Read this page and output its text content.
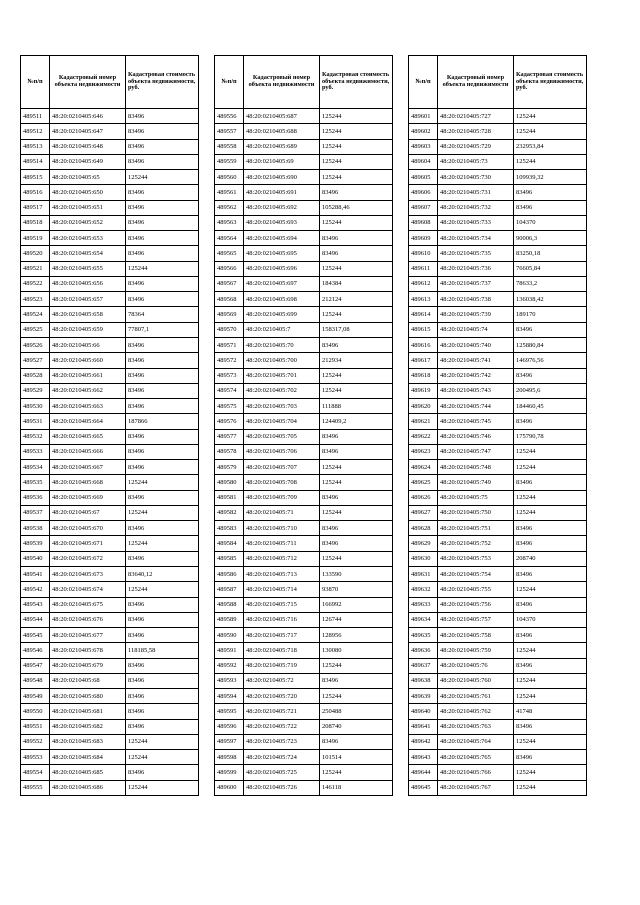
№п/п	Кадастровый номер объекта недвижимости	Кадастровая стоимость объекта недвижимости, руб.
489511	48:20:0210405:646	83496
489512	48:20:0210405:647	83496
489513	48:20:0210405:648	83496
489514	48:20:0210405:649	83496
489515	48:20:0210405:65	125244
489516	48:20:0210405:650	83496
489517	48:20:0210405:651	83496
489518	48:20:0210405:652	83496
489519	48:20:0210405:653	83496
489520	48:20:0210405:654	83496
489521	48:20:0210405:655	125244
489522	48:20:0210405:656	83496
489523	48:20:0210405:657	83496
489524	48:20:0210405:658	78364
489525	48:20:0210405:659	77807,1
489526	48:20:0210405:66	83496
489527	48:20:0210405:660	83496
489528	48:20:0210405:661	83496
489529	48:20:0210405:662	83496
489530	48:20:0210405:663	83496
489531	48:20:0210405:664	187866
489532	48:20:0210405:665	83496
489533	48:20:0210405:666	83496
489534	48:20:0210405:667	83496
489535	48:20:0210405:668	125244
489536	48:20:0210405:669	83496
489537	48:20:0210405:67	125244
489538	48:20:0210405:670	83496
489539	48:20:0210405:671	125244
489540	48:20:0210405:672	83496
489541	48:20:0210405:673	83640,12
489542	48:20:0210405:674	125244
489543	48:20:0210405:675	83496
489544	48:20:0210405:676	83496
489545	48:20:0210405:677	83496
489546	48:20:0210405:678	118185,58
489547	48:20:0210405:679	83496
489548	48:20:0210405:68	83496
489549	48:20:0210405:680	83496
489550	48:20:0210405:681	83496
489551	48:20:0210405:682	83496
489552	48:20:0210405:683	125244
489553	48:20:0210405:684	125244
489554	48:20:0210405:685	83496
489555	48:20:0210405:686	125244
№п/п	Кадастровый номер объекта недвижимости	Кадастровая стоимость объекта недвижимости, руб.
489556	48:20:0210405:687	125244
489557	48:20:0210405:688	125244
489558	48:20:0210405:689	125244
489559	48:20:0210405:69	125244
489560	48:20:0210405:690	125244
489561	48:20:0210405:691	83496
489562	48:20:0210405:692	105288,46
489563	48:20:0210405:693	125244
489564	48:20:0210405:694	83496
489565	48:20:0210405:695	83496
489566	48:20:0210405:696	125244
489567	48:20:0210405:697	184384
489568	48:20:0210405:698	212124
489569	48:20:0210405:699	125244
489570	48:20:0210405:7	158317,08
489571	48:20:0210405:70	83496
489572	48:20:0210405:700	212934
489573	48:20:0210405:701	125244
489574	48:20:0210405:702	125244
489575	48:20:0210405:703	111888
489576	48:20:0210405:704	124409,2
489577	48:20:0210405:705	83496
489578	48:20:0210405:706	83496
489579	48:20:0210405:707	125244
489580	48:20:0210405:708	125244
489581	48:20:0210405:709	83496
489582	48:20:0210405:71	125244
489583	48:20:0210405:710	83496
489584	48:20:0210405:711	83496
489585	48:20:0210405:712	125244
489586	48:20:0210405:713	133590
489587	48:20:0210405:714	93870
489588	48:20:0210405:715	166992
489589	48:20:0210405:716	126744
489590	48:20:0210405:717	128956
489591	48:20:0210405:718	130080
489592	48:20:0210405:719	125244
489593	48:20:0210405:72	83496
489594	48:20:0210405:720	125244
489595	48:20:0210405:721	250488
489596	48:20:0210405:722	208740
489597	48:20:0210405:723	83496
489598	48:20:0210405:724	101514
489599	48:20:0210405:725	125244
489600	48:20:0210405:726	146118
№п/п	Кадастровый номер объекта недвижимости	Кадастровая стоимость объекта недвижимости, руб.
489601	48:20:0210405:727	125244
489602	48:20:0210405:728	125244
489603	48:20:0210405:729	232953,84
489604	48:20:0210405:73	125244
489605	48:20:0210405:730	109939,32
489606	48:20:0210405:731	83496
489607	48:20:0210405:732	83496
489608	48:20:0210405:733	104370
489609	48:20:0210405:734	90006,3
489610	48:20:0210405:735	83250,18
489611	48:20:0210405:736	76605,84
489612	48:20:0210405:737	78633,2
489613	48:20:0210405:738	136038,42
489614	48:20:0210405:739	189170
489615	48:20:0210405:74	83496
489616	48:20:0210405:740	125880,84
489617	48:20:0210405:741	146976,56
489618	48:20:0210405:742	83496
489619	48:20:0210405:743	200495,6
489620	48:20:0210405:744	184460,45
489621	48:20:0210405:745	83496
489622	48:20:0210405:746	175790,78
489623	48:20:0210405:747	125244
489624	48:20:0210405:748	125244
489625	48:20:0210405:749	83496
489626	48:20:0210405:75	125244
489627	48:20:0210405:750	125244
489628	48:20:0210405:751	83496
489629	48:20:0210405:752	83496
489630	48:20:0210405:753	208740
489631	48:20:0210405:754	83496
489632	48:20:0210405:755	125244
489633	48:20:0210405:756	83496
489634	48:20:0210405:757	104370
489635	48:20:0210405:758	83496
489636	48:20:0210405:759	125244
489637	48:20:0210405:76	83496
489638	48:20:0210405:760	125244
489639	48:20:0210405:761	125244
489640	48:20:0210405:762	41748
489641	48:20:0210405:763	83496
489642	48:20:0210405:764	125244
489643	48:20:0210405:765	83496
489644	48:20:0210405:766	125244
489645	48:20:0210405:767	125244
